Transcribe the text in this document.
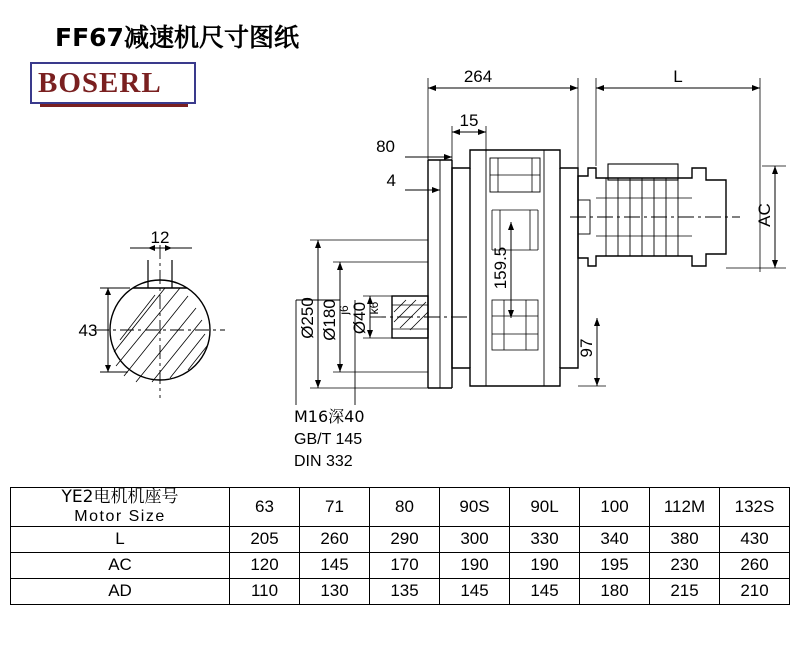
FF67减速机尺寸图纸
BOSERL
12
43
264	L
15
80
4
97
159.5
AC
Ø250 Ø180
j6 Ø40
k6
M16深40
GB/T 145
DIN 332
YE2电机机座号
Motor Size	63	71	80	90S	90L	100	112M	132S
L	205	260	290	300	330	340	380	430
AC	120	145	170	190	190	195	230	260
AD	110	130	135	145	145	180	215	210
